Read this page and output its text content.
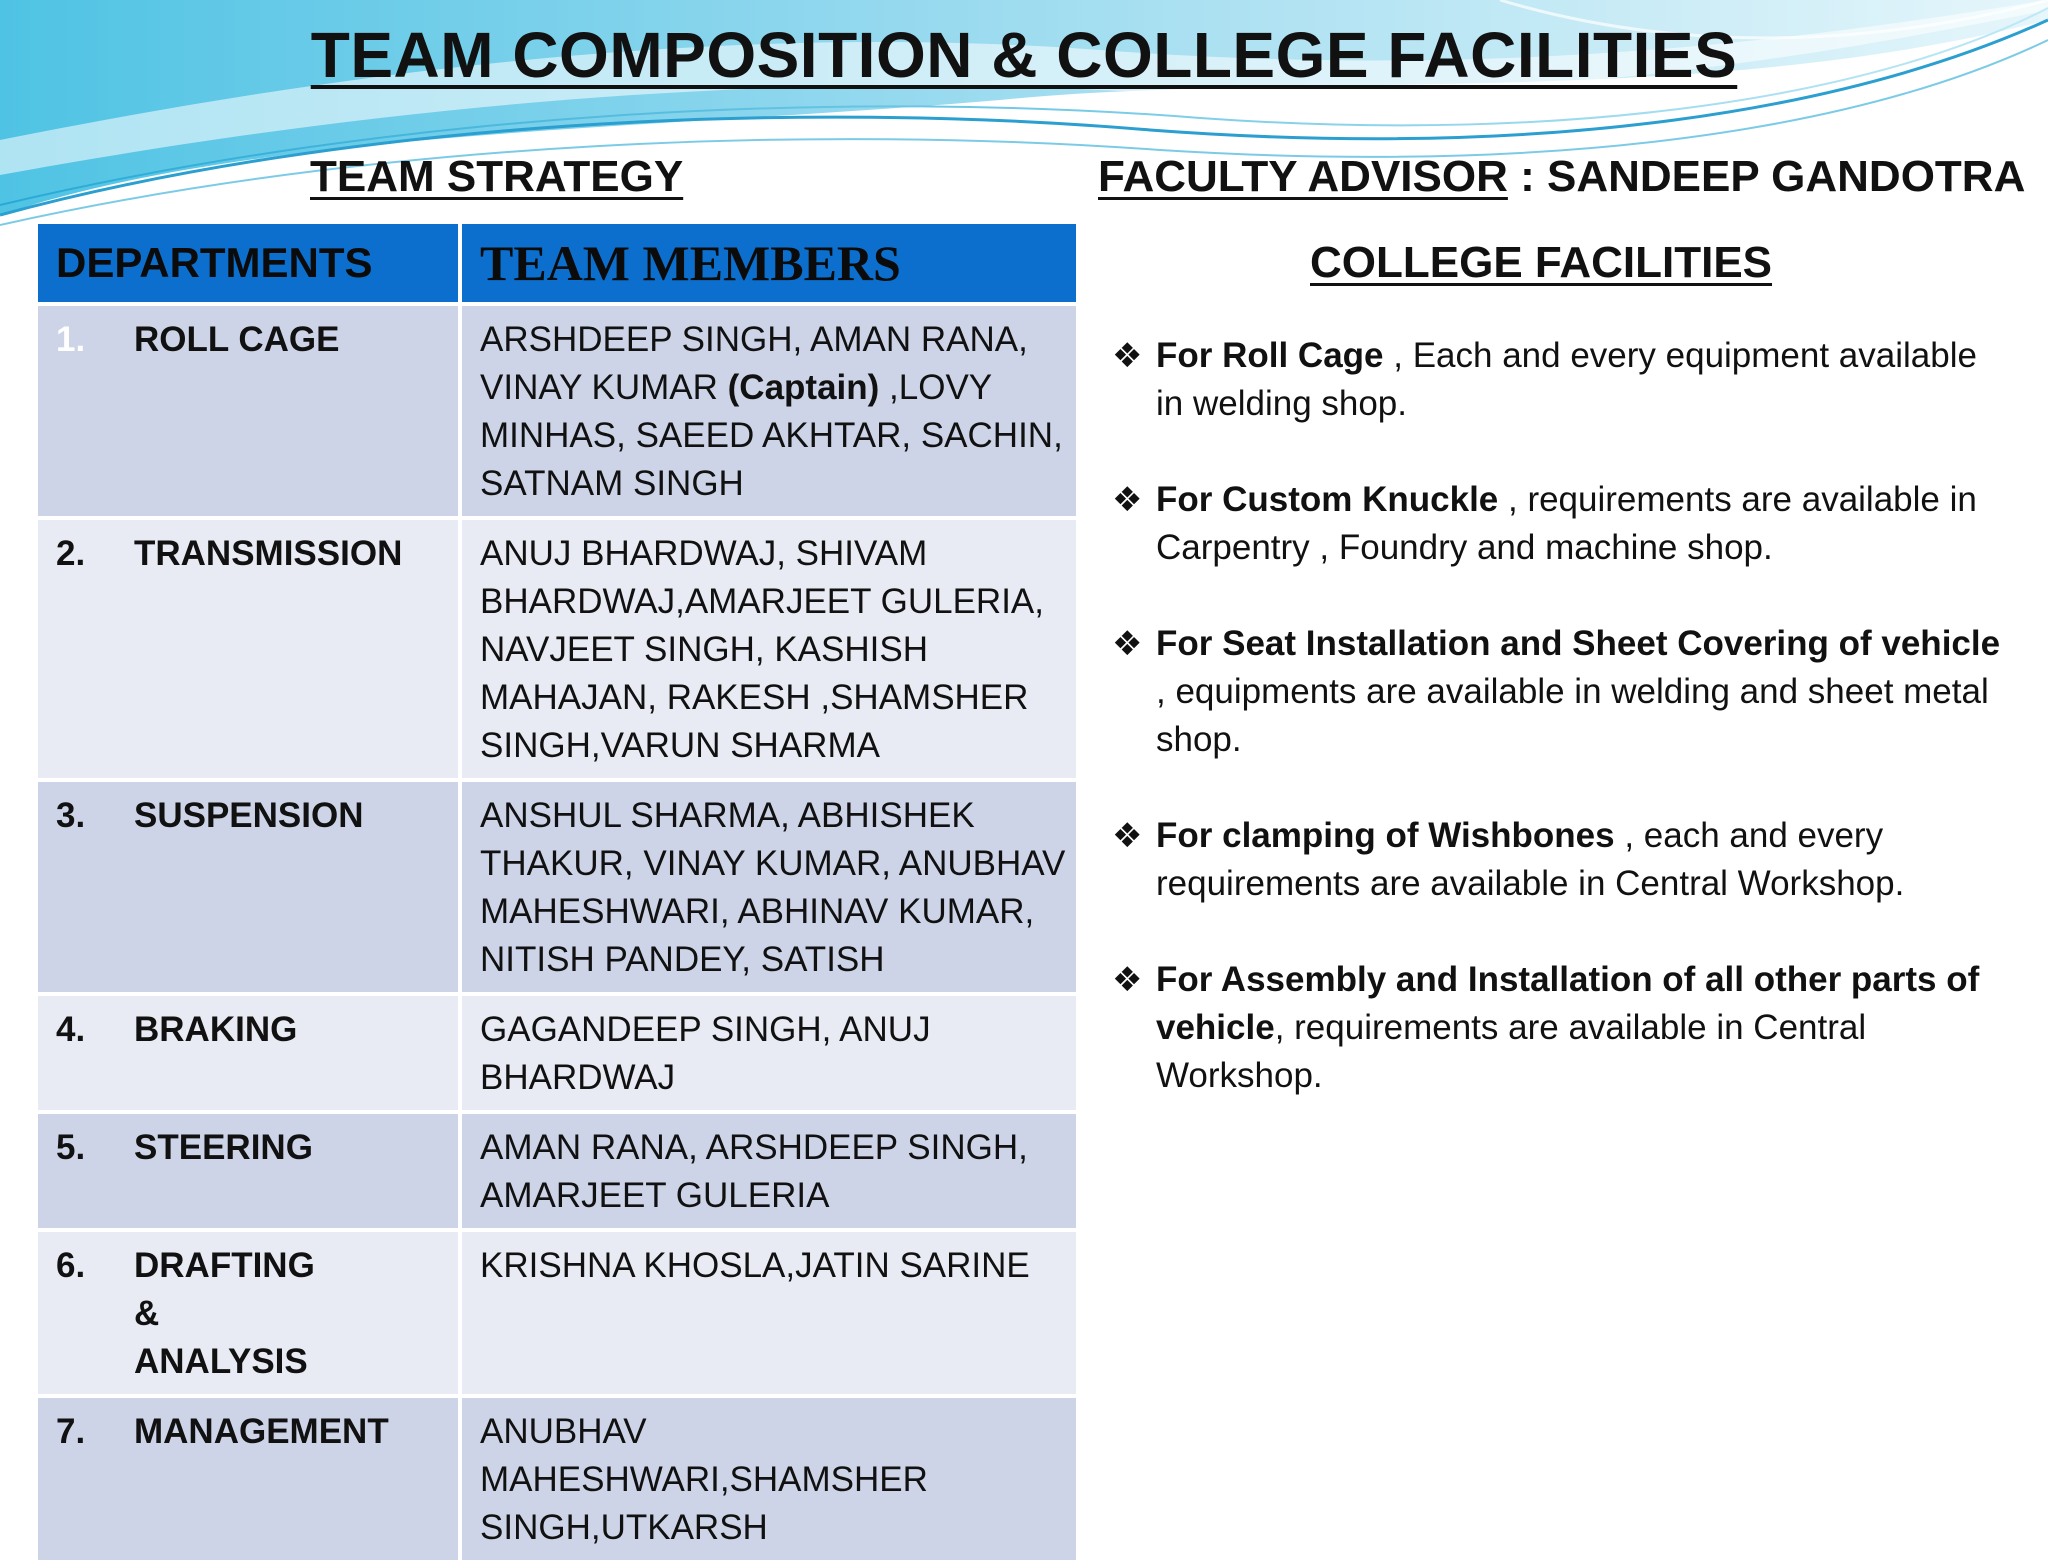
TEAM COMPOSITION & COLLEGE FACILITIES
TEAM STRATEGY	FACULTY ADVISOR : SANDEEP GANDOTRA
COLLEGE FACILITIES
DEPARTMENTS	TEAM MEMBERS

1. ROLL CAGE	ARSHDEEP SINGH, AMAN RANA, VINAY KUMAR (Captain) ,LOVY MINHAS, SAEED AKHTAR, SACHIN, SATNAM SINGH

2. TRANSMISSION	ANUJ BHARDWAJ, SHIVAM BHARDWAJ,AMARJEET GULERIA, NAVJEET SINGH, KASHISH MAHAJAN, RAKESH ,SHAMSHER SINGH,VARUN SHARMA

3. SUSPENSION	ANSHUL SHARMA, ABHISHEK THAKUR, VINAY KUMAR, ANUBHAV MAHESHWARI, ABHINAV KUMAR, NITISH PANDEY, SATISH

4. BRAKING	GAGANDEEP SINGH, ANUJ BHARDWAJ

5. STEERING	AMAN RANA, ARSHDEEP SINGH, AMARJEET GULERIA

6. DRAFTING & ANALYSIS	KRISHNA KHOSLA,JATIN SARINE

7. MANAGEMENT	ANUBHAV MAHESHWARI,SHAMSHER SINGH,UTKARSH
❖ For Roll Cage , Each and every equipment available in welding shop.
❖ For Custom Knuckle , requirements are available in Carpentry , Foundry and machine shop.
❖ For Seat Installation and Sheet Covering of vehicle , equipments are available in welding and sheet metal shop.
❖ For clamping of Wishbones , each and every requirements are available in Central Workshop.
❖ For Assembly and Installation of all other parts of vehicle, requirements are available in Central Workshop.
